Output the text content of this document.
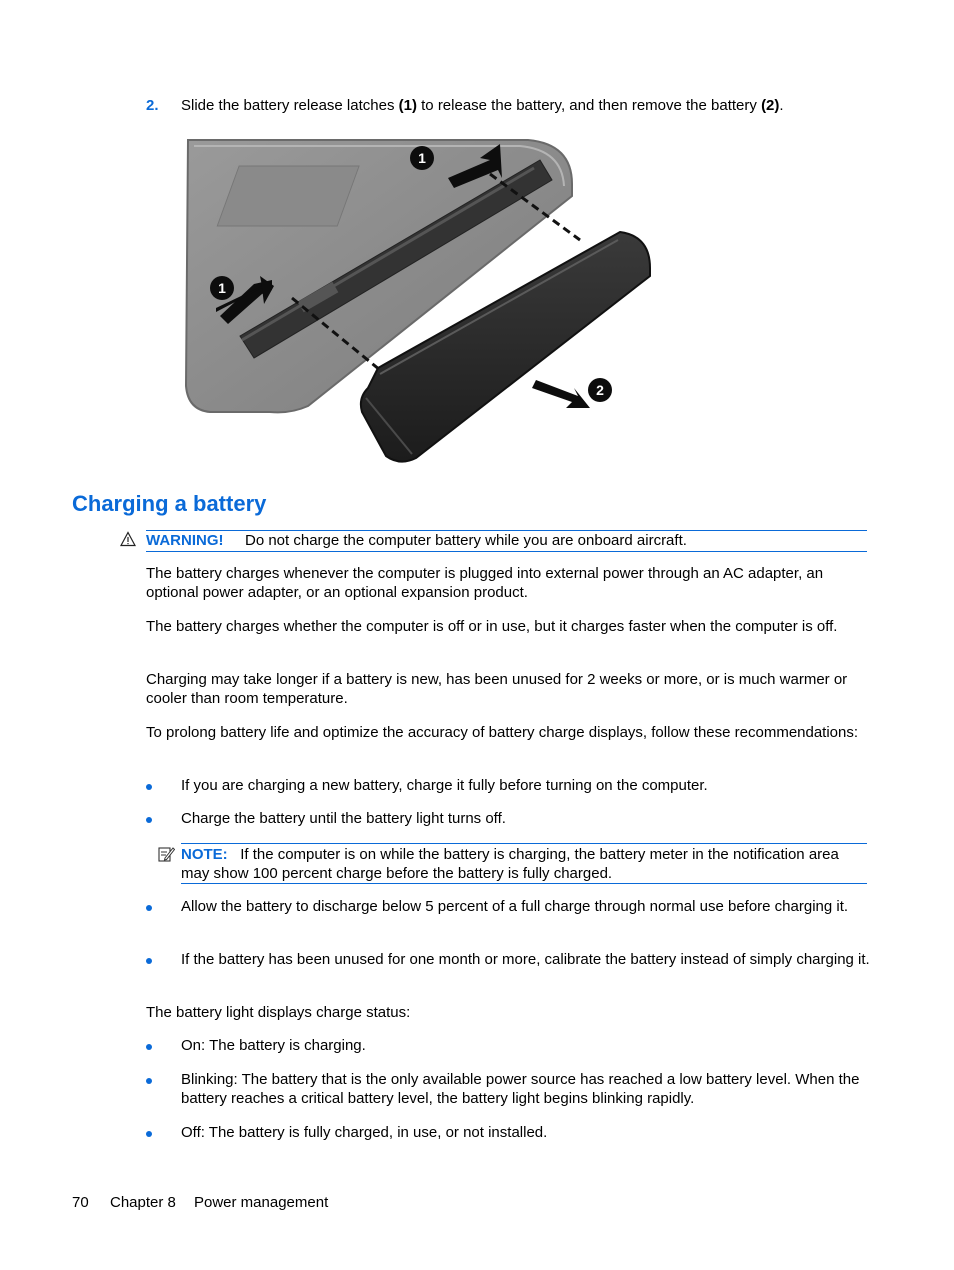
2. Slide the battery release latches (1) to release the battery, and then remove the battery (2).
1
1
2
Charging a battery
WARNING! Do not charge the computer battery while you are onboard aircraft.

The battery charges whenever the computer is plugged into external power through an AC adapter, an optional power adapter, or an optional expansion product.

The battery charges whether the computer is off or in use, but it charges faster when the computer is off.

Charging may take longer if a battery is new, has been unused for 2 weeks or more, or is much warmer or cooler than room temperature.

To prolong battery life and optimize the accuracy of battery charge displays, follow these recommendations:

If you are charging a new battery, charge it fully before turning on the computer.
Charge the battery until the battery light turns off.
NOTE: If the computer is on while the battery is charging, the battery meter in the notification area may show 100 percent charge before the battery is fully charged.
Allow the battery to discharge below 5 percent of a full charge through normal use before charging it.
If the battery has been unused for one month or more, calibrate the battery instead of simply charging it.

The battery light displays charge status:

On: The battery is charging.
Blinking: The battery that is the only available power source has reached a low battery level. When the battery reaches a critical battery level, the battery light begins blinking rapidly.
Off: The battery is fully charged, in use, or not installed.
70 Chapter 8 Power management
